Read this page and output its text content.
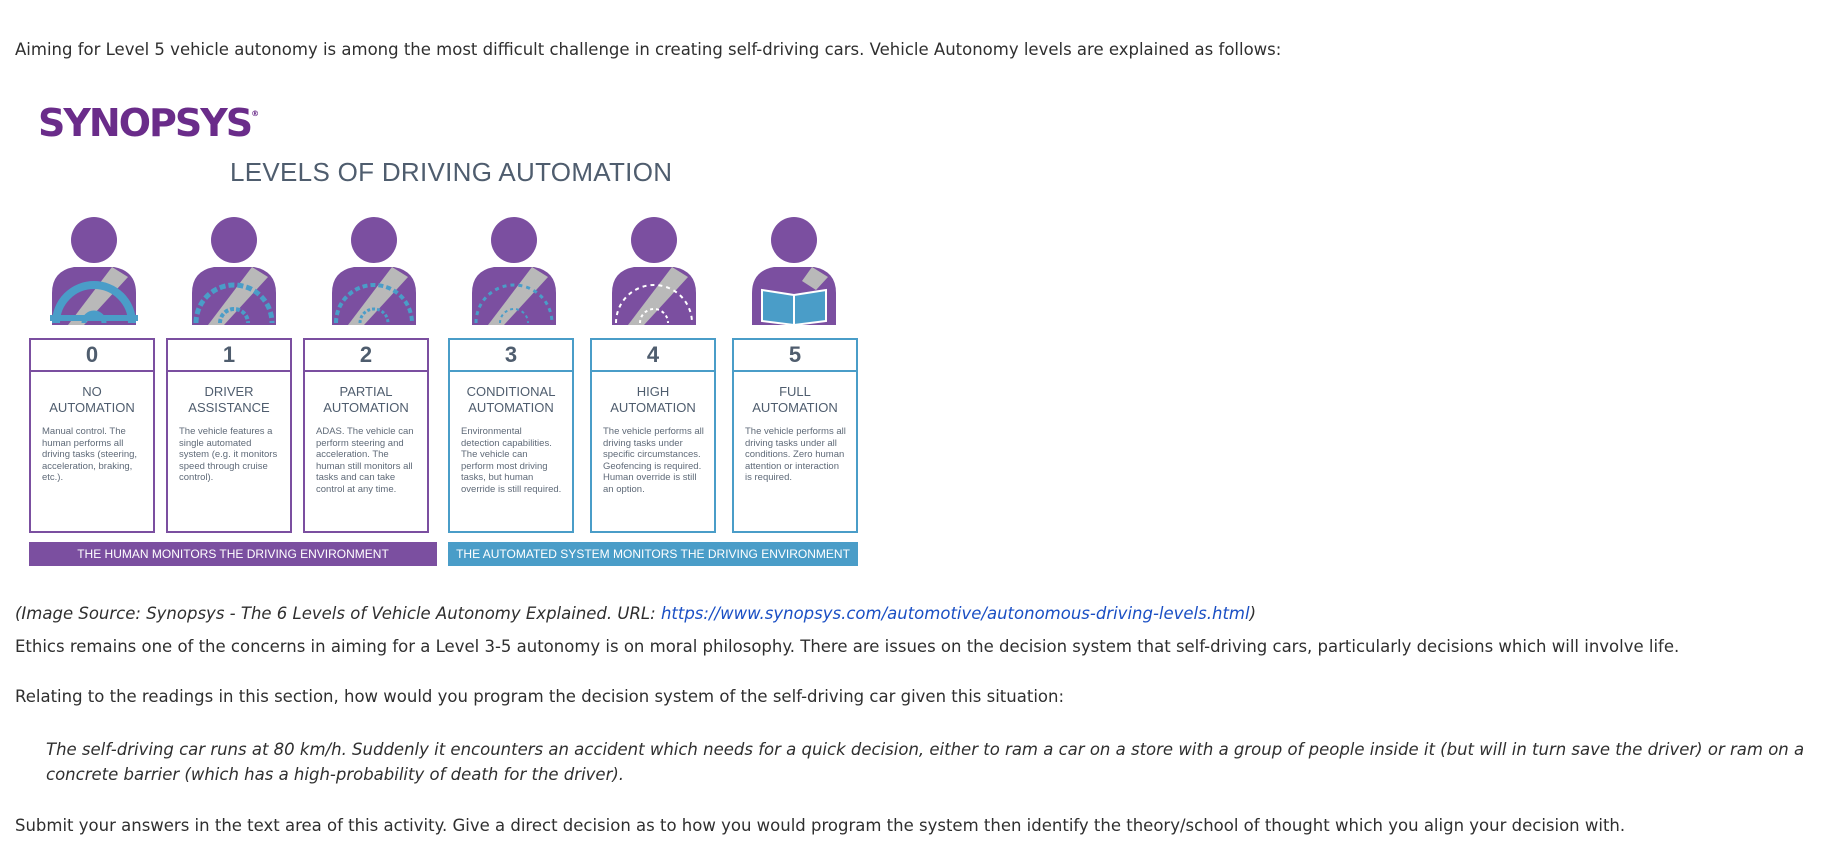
Aiming for Level 5 vehicle autonomy is among the most difficult challenge in creating self-driving cars. Vehicle Autonomy levels are explained as follows:

SYNOPSYS®
LEVELS OF DRIVING AUTOMATION
0
NO
AUTOMATION
Manual control. The human performs all driving tasks (steering, acceleration, braking, etc.).
1
DRIVER
ASSISTANCE
The vehicle features a single automated system (e.g. it monitors speed through cruise control).
2
PARTIAL
AUTOMATION
ADAS. The vehicle can perform steering and acceleration. The human still monitors all tasks and can take control at any time.
3
CONDITIONAL
AUTOMATION
Environmental detection capabilities. The vehicle can perform most driving tasks, but human override is still required.
4
HIGH
AUTOMATION
The vehicle performs all driving tasks under specific circumstances. Geofencing is required. Human override is still an option.
5
FULL
AUTOMATION
The vehicle performs all driving tasks under all conditions. Zero human attention or interaction is required.
THE HUMAN MONITORS THE DRIVING ENVIRONMENT	THE AUTOMATED SYSTEM MONITORS THE DRIVING ENVIRONMENT

(Image Source: Synopsys - The 6 Levels of Vehicle Autonomy Explained. URL: https://www.synopsys.com/automotive/autonomous-driving-levels.html)

Ethics remains one of the concerns in aiming for a Level 3-5 autonomy is on moral philosophy. There are issues on the decision system that self-driving cars, particularly decisions which will involve life.

Relating to the readings in this section, how would you program the decision system of the self-driving car given this situation:

The self-driving car runs at 80 km/h. Suddenly it encounters an accident which needs for a quick decision, either to ram a car on a store with a group of people inside it (but will in turn save the driver) or ram on a concrete barrier (which has a high-probability of death for the driver).

Submit your answers in the text area of this activity. Give a direct decision as to how you would program the system then identify the theory/school of thought which you align your decision with.
